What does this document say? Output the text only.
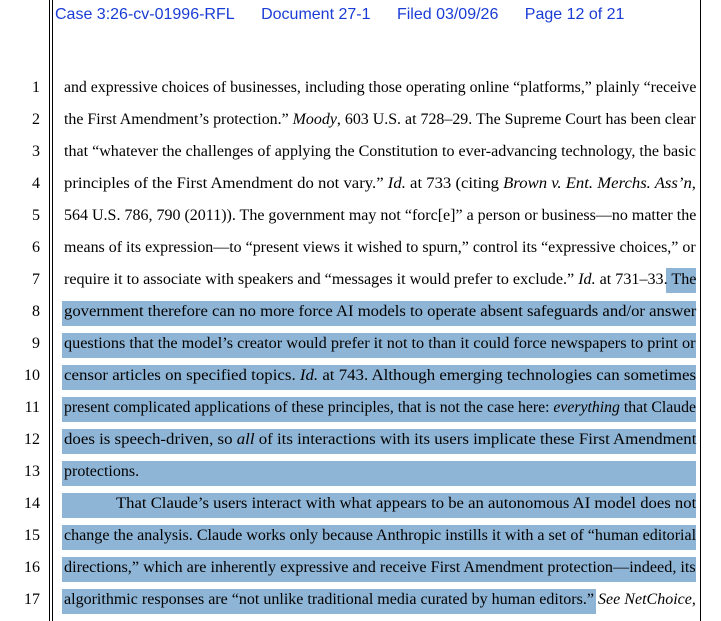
Case 3:26-cv-01996-RFL Document 27-1 Filed 03/09/26 Page 12 of 21
1
2
3
4
5
6
7
8
9
10
11
12
13
14
15
16
17
and expressive choices of businesses, including those operating online “platforms,” plainly “receive
the First Amendment’s protection.” Moody, 603 U.S. at 728–29. The Supreme Court has been clear
that “whatever the challenges of applying the Constitution to ever-advancing technology, the basic
principles of the First Amendment do not vary.” Id. at 733 (citing Brown v. Ent. Merchs. Ass’n,
564 U.S. 786, 790 (2011)). The government may not “forc[e]” a person or business—no matter the
means of its expression—to “present views it wished to spurn,” control its “expressive choices,” or
require it to associate with speakers and “messages it would prefer to exclude.” Id. at 731–33. The
government therefore can no more force AI models to operate absent safeguards and/or answer
questions that the model’s creator would prefer it not to than it could force newspapers to print or
censor articles on specified topics. Id. at 743. Although emerging technologies can sometimes
present complicated applications of these principles, that is not the case here: everything that Claude
does is speech-driven, so all of its interactions with its users implicate these First Amendment
protections.
That Claude’s users interact with what appears to be an autonomous AI model does not
change the analysis. Claude works only because Anthropic instills it with a set of “human editorial
directions,” which are inherently expressive and receive First Amendment protection—indeed, its
algorithmic responses are “not unlike traditional media curated by human editors.” See NetChoice,
